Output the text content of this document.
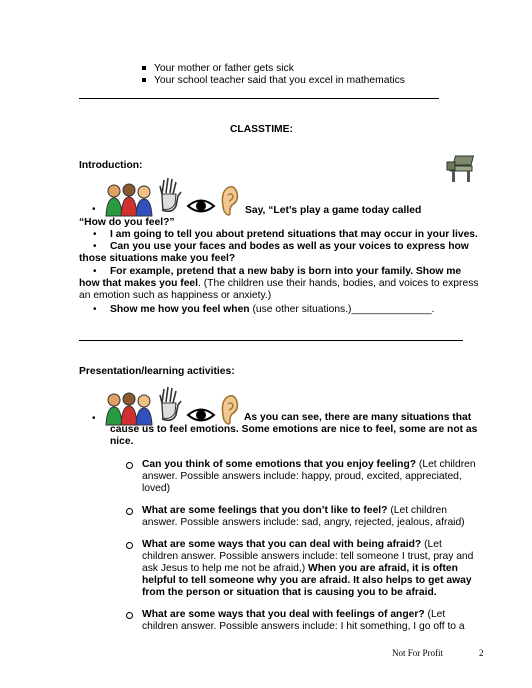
Your mother or father gets sick
Your school teacher said that you excel in mathematics
CLASSTIME:
Introduction:
•	Say, “Let’s play a game today called
“How do you feel?”
• I am going to tell you about pretend situations that may occur in your lives.
• Can you use your faces and bodes as well as your voices to express how
those situations make you feel?
• For example, pretend that a new baby is born into your family. Show me
how that makes you feel. (The children use their hands, bodies, and voices to express
an emotion such as happiness or anxiety.)
• Show me how you feel when (use other situations.)______________.
Presentation/learning activities:
•	As you can see, there are many situations that
cause us to feel emotions. Some emotions are nice to feel, some are not as
nice.
Can you think of some emotions that you enjoy feeling? (Let children
answer. Possible answers include: happy, proud, excited, appreciated,
loved)
What are some feelings that you don’t like to feel? (Let children
answer. Possible answers include: sad, angry, rejected, jealous, afraid)
What are some ways that you can deal with being afraid? (Let
children answer. Possible answers include: tell someone I trust, pray and
ask Jesus to help me not be afraid,) When you are afraid, it is often
helpful to tell someone why you are afraid. It also helps to get away
from the person or situation that is causing you to be afraid.
What are some ways that you deal with feelings of anger? (Let
children answer. Possible answers include: I hit something, I go off to a
Not For Profit	2
